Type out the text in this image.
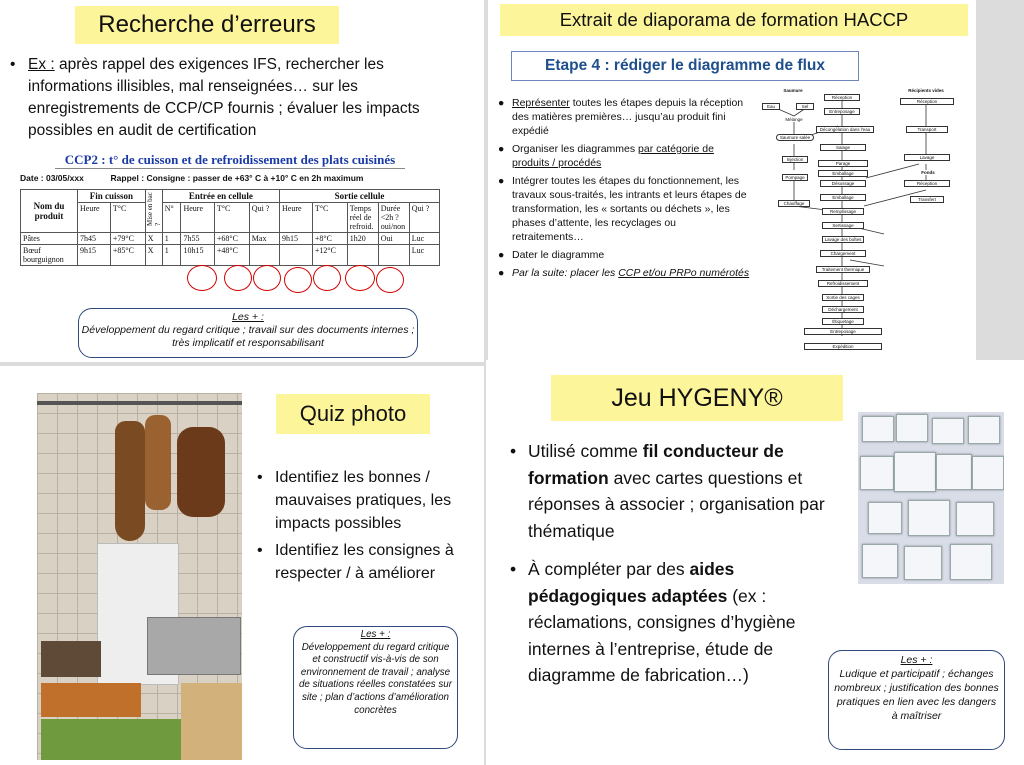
Recherche d’erreurs
• Ex : après rappel des exigences IFS, rechercher les informations illisibles, mal renseignées… sur les enregistrements de CCP/CP fournis ; évaluer les impacts possibles en audit de certification
CCP2 : t° de cuisson et de refroidissement des plats cuisinés
Date : 03/05/xxx	Rappel : Consigne : passer de +63° C à +10° C en 2h maximum
Nom du produit	Fin cuisson		Mise en bac ?	Entrée en cellule				Sortie cellule				
	Heure	T°C		N°	Heure	T°C	Qui ?	Heure	T°C	Temps réel de refroid.	Durée <2h ? oui/non	Qui ?
Pâtes	7h45	+79°C	X	1	7h55	+68°C	Max	9h15	+8°C	1h20	Oui	Luc
Bœuf bourguignon	9h15	+85°C	X	1	10h15	+48°C			+12°C			Luc
Les + :
Développement du regard critique ; travail sur des documents internes ; très implicatif et responsabilisant
Extrait de diaporama de formation HACCP
Etape 4 : rédiger le diagramme de flux
● Représenter toutes les étapes depuis la réception des matières premières… jusqu’au produit fini expédié
● Organiser les diagrammes par catégorie de produits / procédés
● Intégrer toutes les étapes du fonctionnement, les travaux sous-traités, les intrants et leurs étapes de transformation, les « sortants ou déchets », les phases d’attente, les recyclages ou retraitements…
● Dater le diagramme
● Par la suite: placer les CCP et/ou PRPo numérotés
Saumure
Eau	Sel
Mélange
Saumure salée
Injection
Pompage
Chauffage
Réception
Entreposage
Décongélation dans l'eau
Salage
Parage
Emballage
Désossage
Emballage
Remplissage
Sertissage
Lavage des boîtes
Chargement
Traitement thermique
Refroidissement
Sortie des cages
Déchargement
Étiquetage
Entreposage
Expédition
Récipients vides
Réception
Transport
Lavage
Fonds
Réception
Transfert
Quiz photo
• Identifiez les bonnes / mauvaises pratiques, les impacts possibles
• Identifiez les consignes à respecter / à améliorer
Les + :
Développement du regard critique et constructif vis-à-vis de son environnement de travail ; analyse de situations réelles constatées sur site ; plan d’actions d’amélioration concrètes
Jeu HYGENY®
• Utilisé comme fil conducteur de formation avec cartes questions et réponses à associer ; organisation par thématique
• À compléter par des aides pédagogiques adaptées (ex : réclamations, consignes d’hygiène internes à l’entreprise, étude de diagramme de fabrication…)
Les + :
Ludique et participatif ; échanges nombreux ; justification des bonnes pratiques en lien avec les dangers à maîtriser
